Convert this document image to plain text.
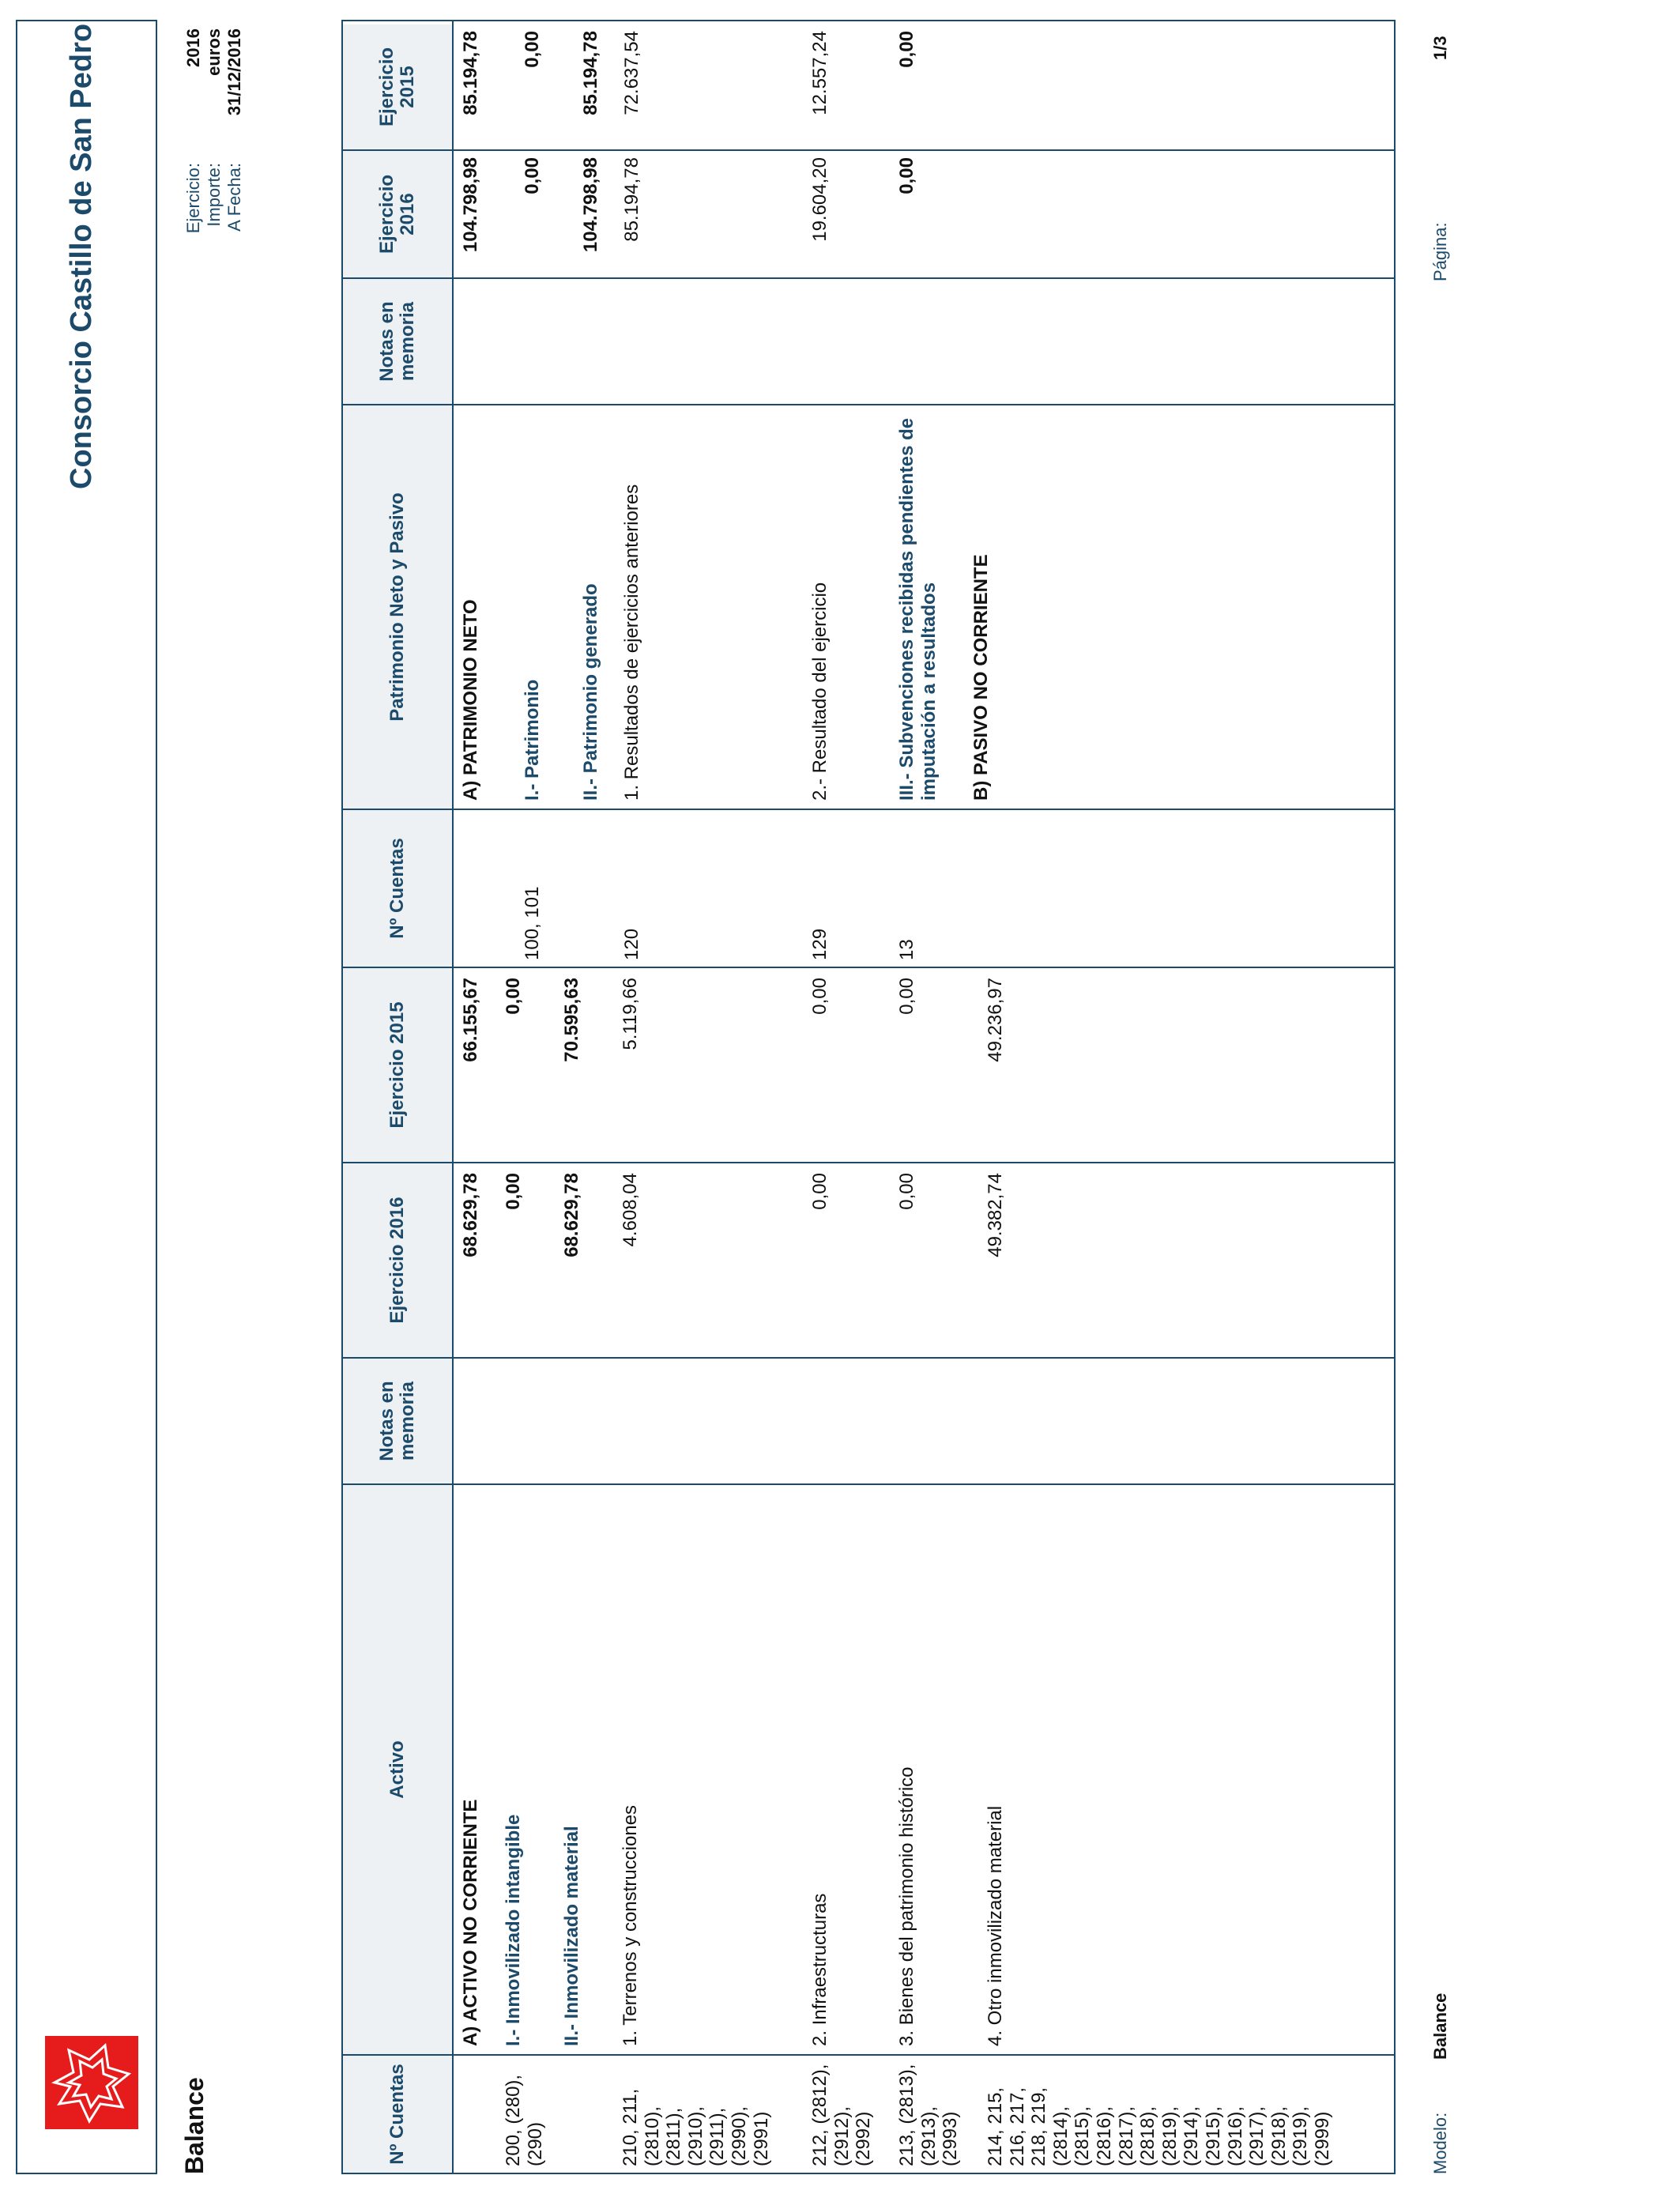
Consorcio Castillo de San Pedro
Balance
Ejercicio: Importe: A Fecha:
2016 euros 31/12/2016
Nº Cuentas
Activo
Notas en memoria
Ejercicio 2016
Ejercicio 2015
Nº Cuentas
Patrimonio Neto y Pasivo
Notas en memoria
Ejercicio 2016
Ejercicio 2015
A) ACTIVO NO CORRIENTE
68.629,78
66.155,67
200, (280), (290)
I.- Inmovilizado intangible
0,00
0,00
II.- Inmovilizado material
68.629,78
70.595,63
210, 211, (2810), (2811), (2910), (2911), (2990), (2991)
1. Terrenos y construcciones
4.608,04
5.119,66
212, (2812), (2912), (2992)
2. Infraestructuras
0,00
0,00
213, (2813), (2913), (2993)
3. Bienes del patrimonio histórico
0,00
0,00
214, 215, 216, 217, 218, 219, (2814), (2815), (2816), (2817), (2818), (2819), (2914), (2915), (2916), (2917), (2918), (2919), (2999)
4. Otro inmovilizado material
49.382,74
49.236,97
A) PATRIMONIO NETO
104.798,98
85.194,78
100, 101
I.- Patrimonio
0,00
0,00
II.- Patrimonio generado
104.798,98
85.194,78
120
1. Resultados de ejercicios anteriores
85.194,78
72.637,54
129
2.- Resultado del ejercicio
19.604,20
12.557,24
13
III.- Subvenciones recibidas pendientes de imputación a resultados
0,00
0,00
B) PASIVO NO CORRIENTE
Modelo:
Balance
Página:
1/3
